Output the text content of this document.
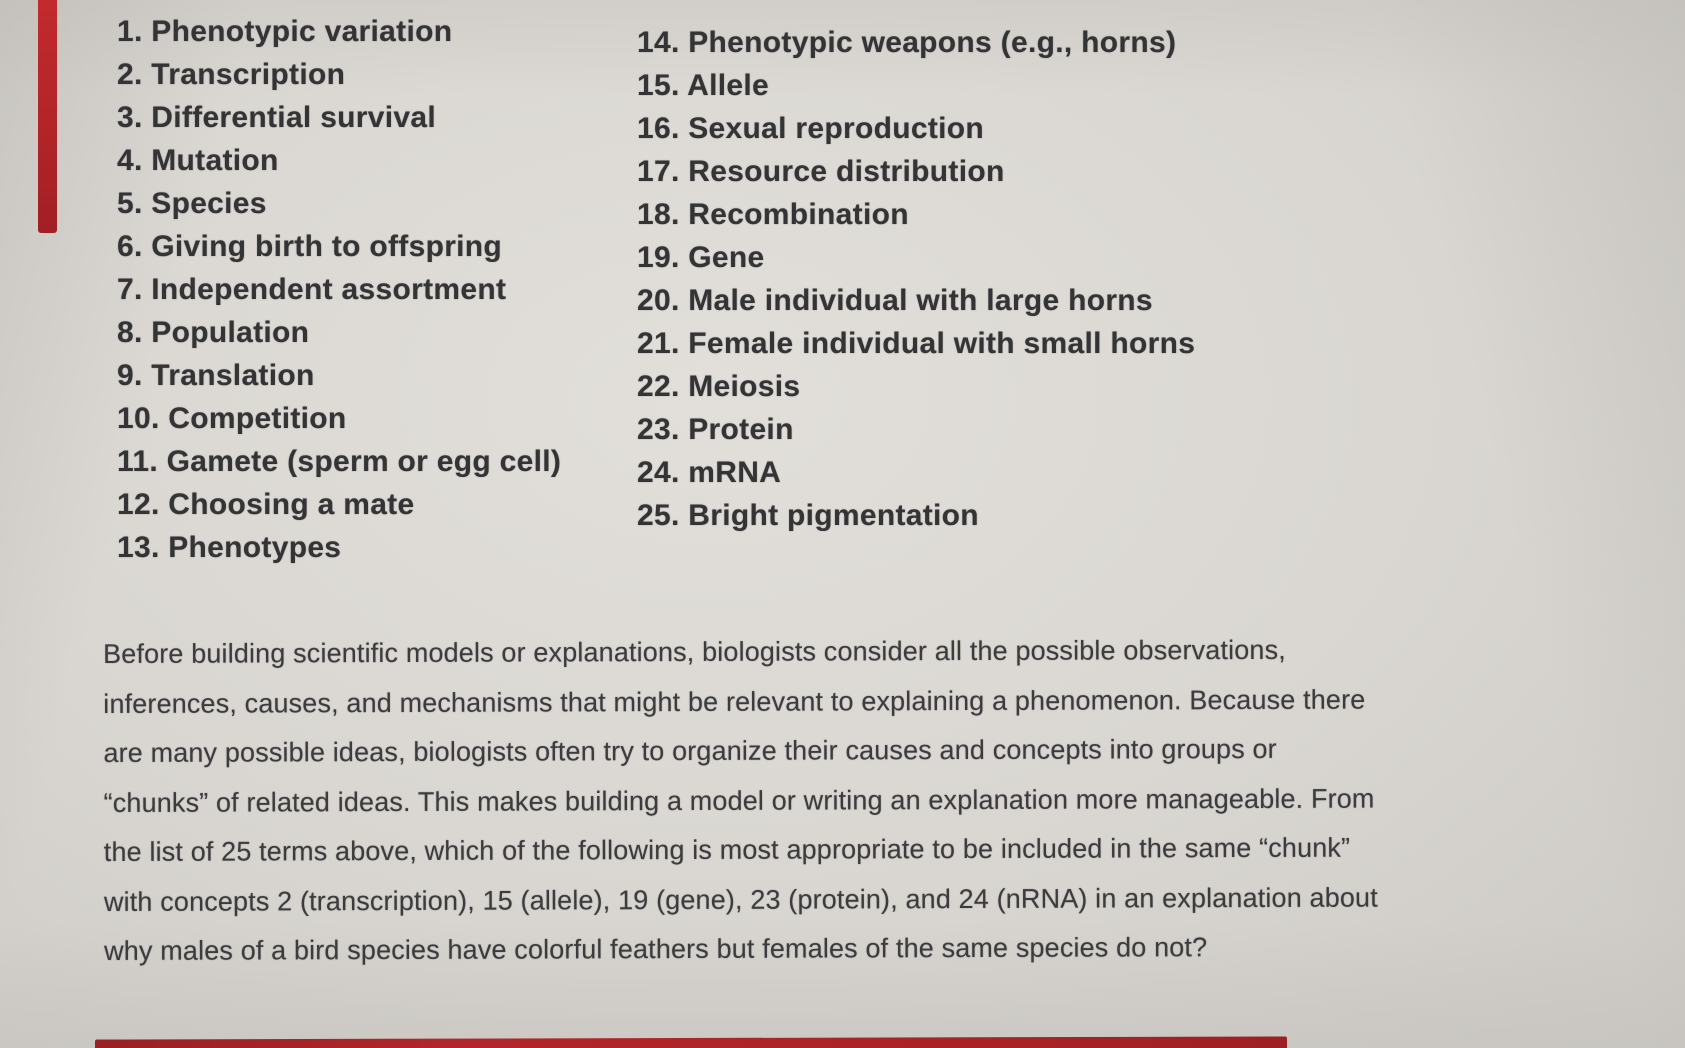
1. Phenotypic variation
2. Transcription
3. Differential survival
4. Mutation
5. Species
6. Giving birth to offspring
7. Independent assortment
8. Population
9. Translation
10. Competition
11. Gamete (sperm or egg cell)
12. Choosing a mate
13. Phenotypes
14. Phenotypic weapons (e.g., horns)
15. Allele
16. Sexual reproduction
17. Resource distribution
18. Recombination
19. Gene
20. Male individual with large horns
21. Female individual with small horns
22. Meiosis
23. Protein
24. mRNA
25. Bright pigmentation
Before building scientific models or explanations, biologists consider all the possible observations,
inferences, causes, and mechanisms that might be relevant to explaining a phenomenon. Because there
are many possible ideas, biologists often try to organize their causes and concepts into groups or
“chunks” of related ideas. This makes building a model or writing an explanation more manageable. From
the list of 25 terms above, which of the following is most appropriate to be included in the same “chunk”
with concepts 2 (transcription), 15 (allele), 19 (gene), 23 (protein), and 24 (nRNA) in an explanation about
why males of a bird species have colorful feathers but females of the same species do not?
